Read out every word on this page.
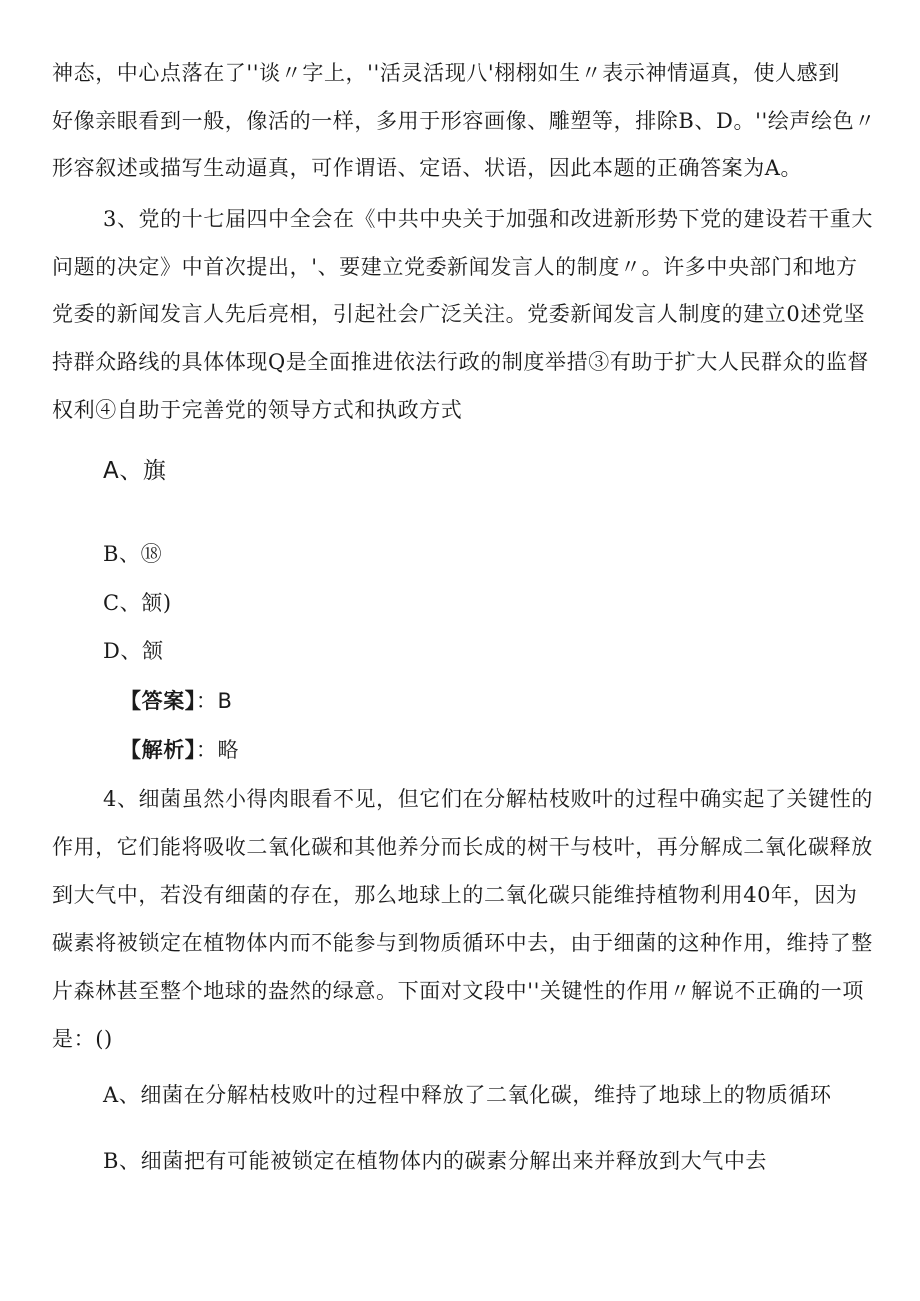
神态，中心点落在了''谈〃字上，''活灵活现八'栩栩如生〃表示神情逼真，使人感到
好像亲眼看到一般，像活的一样，多用于形容画像、雕塑等，排除B、D。''绘声绘色〃
形容叙述或描写生动逼真，可作谓语、定语、状语，因此本题的正确答案为A。
3、党的十七届四中全会在《中共中央关于加强和改进新形势下党的建设若干重大
问题的决定》中首次提出，'、要建立党委新闻发言人的制度〃。许多中央部门和地方
党委的新闻发言人先后亮相，引起社会广泛关注。党委新闻发言人制度的建立0述党坚
持群众路线的具体体现Q是全面推进依法行政的制度举措③有助于扩大人民群众的监督
权利④自助于完善党的领导方式和执政方式
A、旗
B、⑱
C、颔)
D、颔
【答案】：B
【解析】：略
4、细菌虽然小得肉眼看不见，但它们在分解枯枝败叶的过程中确实起了关键性的
作用，它们能将吸收二氧化碳和其他养分而长成的树干与枝叶，再分解成二氧化碳释放
到大气中，若没有细菌的存在，那么地球上的二氧化碳只能维持植物利用40年，因为
碳素将被锁定在植物体内而不能参与到物质循环中去，由于细菌的这种作用，维持了整
片森林甚至整个地球的盎然的绿意。下面对文段中''关键性的作用〃解说不正确的一项
是：()
A、细菌在分解枯枝败叶的过程中释放了二氧化碳，维持了地球上的物质循环
B、细菌把有可能被锁定在植物体内的碳素分解出来并释放到大气中去
